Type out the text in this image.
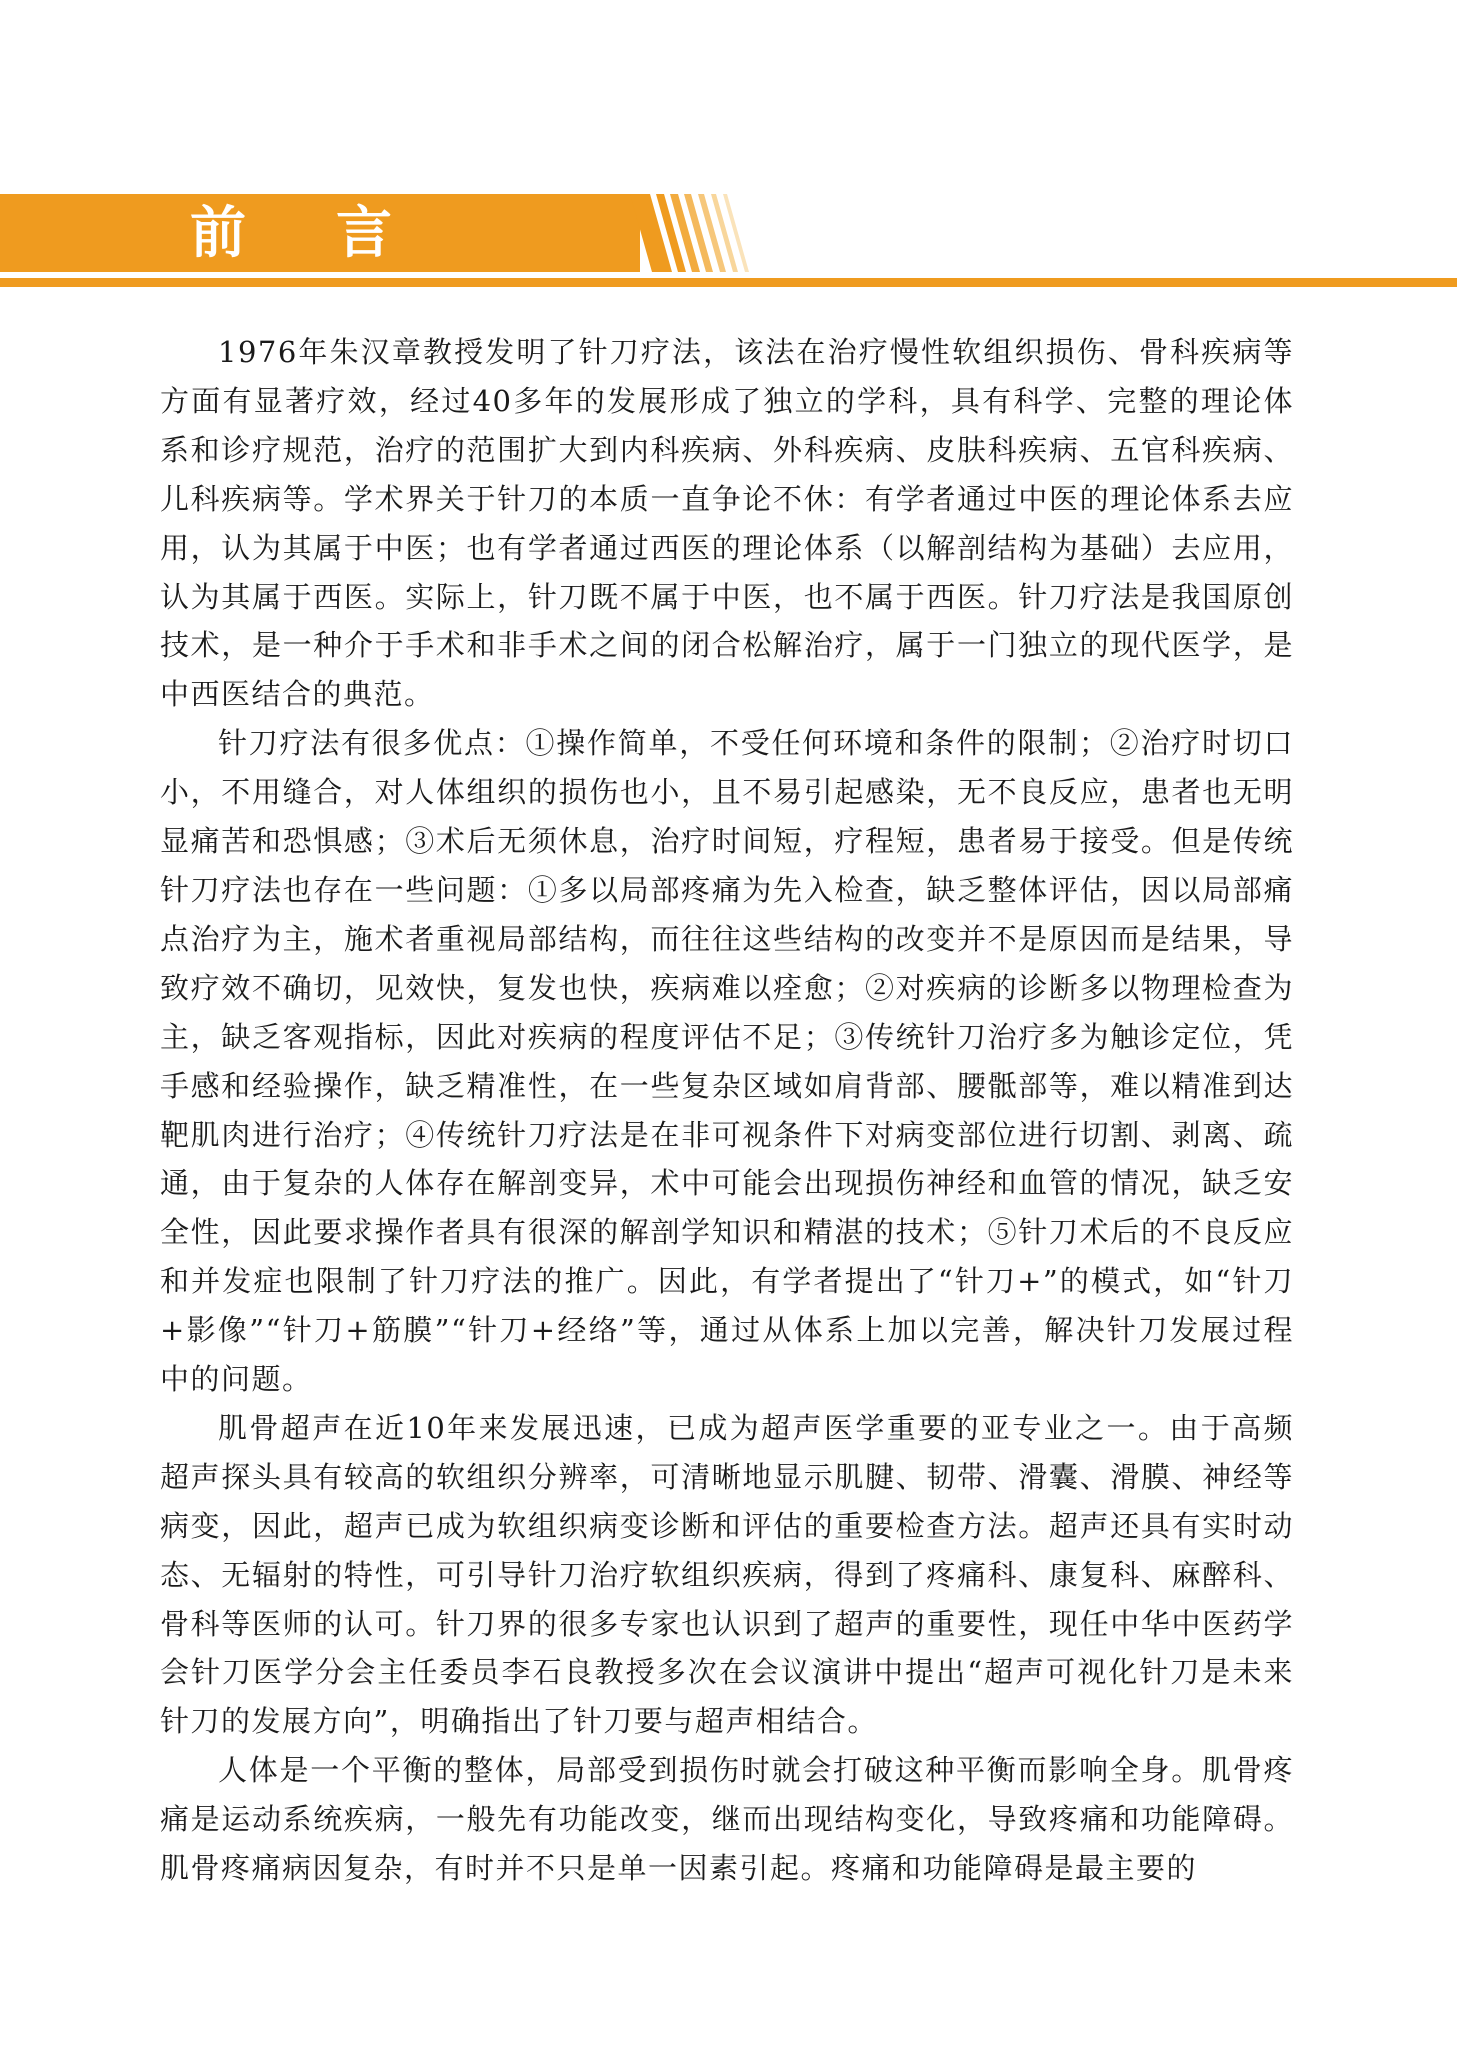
前言

1976年朱汉章教授发明了针刀疗法，该法在治疗慢性软组织损伤、骨科疾病等方面有显著疗效，经过40多年的发展形成了独立的学科，具有科学、完整的理论体系和诊疗规范，治疗的范围扩大到内科疾病、外科疾病、皮肤科疾病、五官科疾病、儿科疾病等。学术界关于针刀的本质一直争论不休：有学者通过中医的理论体系去应用，认为其属于中医；也有学者通过西医的理论体系（以解剖结构为基础）去应用，认为其属于西医。实际上，针刀既不属于中医，也不属于西医。针刀疗法是我国原创技术，是一种介于手术和非手术之间的闭合松解治疗，属于一门独立的现代医学，是中西医结合的典范。

针刀疗法有很多优点：①操作简单，不受任何环境和条件的限制；②治疗时切口小，不用缝合，对人体组织的损伤也小，且不易引起感染，无不良反应，患者也无明显痛苦和恐惧感；③术后无须休息，治疗时间短，疗程短，患者易于接受。但是传统针刀疗法也存在一些问题：①多以局部疼痛为先入检查，缺乏整体评估，因以局部痛点治疗为主，施术者重视局部结构，而往往这些结构的改变并不是原因而是结果，导致疗效不确切，见效快，复发也快，疾病难以痊愈；②对疾病的诊断多以物理检查为主，缺乏客观指标，因此对疾病的程度评估不足；③传统针刀治疗多为触诊定位，凭手感和经验操作，缺乏精准性，在一些复杂区域如肩背部、腰骶部等，难以精准到达靶肌肉进行治疗；④传统针刀疗法是在非可视条件下对病变部位进行切割、剥离、疏通，由于复杂的人体存在解剖变异，术中可能会出现损伤神经和血管的情况，缺乏安全性，因此要求操作者具有很深的解剖学知识和精湛的技术；⑤针刀术后的不良反应和并发症也限制了针刀疗法的推广。因此，有学者提出了“针刀+”的模式，如“针刀+影像”“针刀+筋膜”“针刀+经络”等，通过从体系上加以完善，解决针刀发展过程中的问题。

肌骨超声在近10年来发展迅速，已成为超声医学重要的亚专业之一。由于高频超声探头具有较高的软组织分辨率，可清晰地显示肌腱、韧带、滑囊、滑膜、神经等病变，因此，超声已成为软组织病变诊断和评估的重要检查方法。超声还具有实时动态、无辐射的特性，可引导针刀治疗软组织疾病，得到了疼痛科、康复科、麻醉科、骨科等医师的认可。针刀界的很多专家也认识到了超声的重要性，现任中华中医药学会针刀医学分会主任委员李石良教授多次在会议演讲中提出“超声可视化针刀是未来针刀的发展方向”，明确指出了针刀要与超声相结合。

人体是一个平衡的整体，局部受到损伤时就会打破这种平衡而影响全身。肌骨疼痛是运动系统疾病，一般先有功能改变，继而出现结构变化，导致疼痛和功能障碍。肌骨疼痛病因复杂，有时并不只是单一因素引起。疼痛和功能障碍是最主要的
